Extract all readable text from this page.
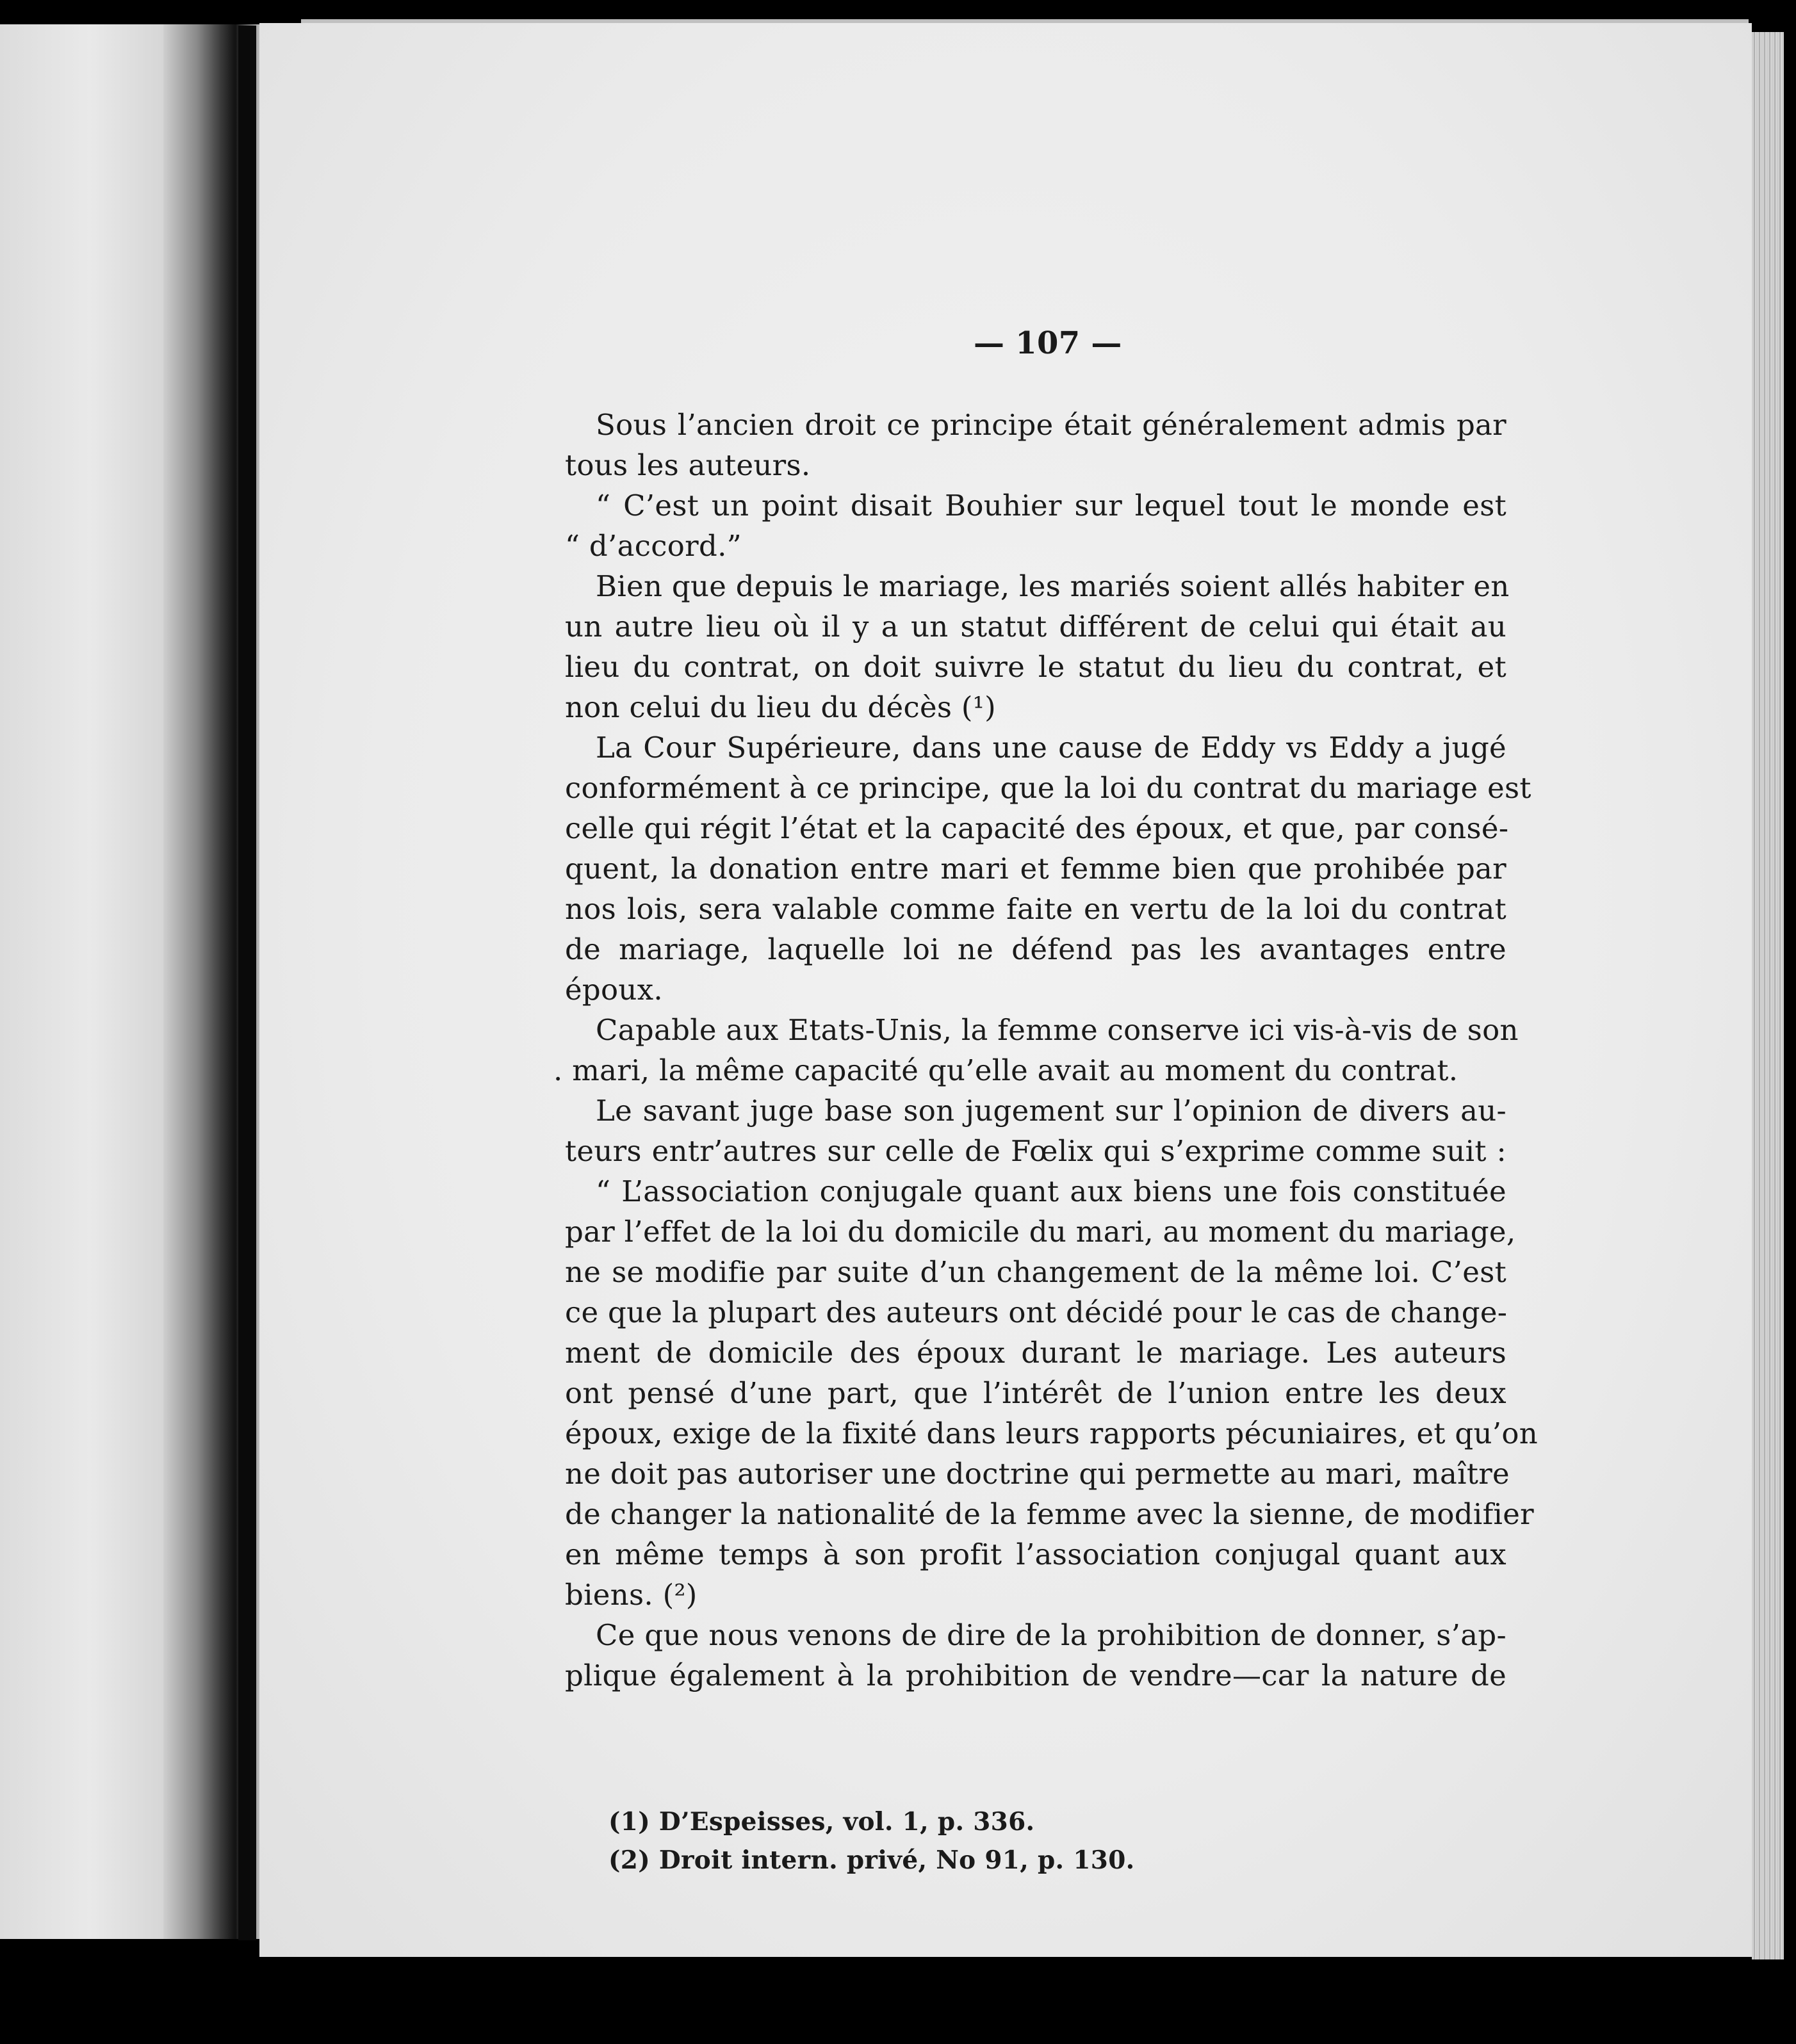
— 107 —
Sous l’ancien droit ce principe était généralement admis par
tous les auteurs.
“ C’est un point disait Bouhier sur lequel tout le monde est
“ d’accord.”
Bien que depuis le mariage, les mariés soient allés habiter en
un autre lieu où il y a un statut différent de celui qui était au
lieu du contrat, on doit suivre le statut du lieu du contrat, et
non celui du lieu du décès (¹)
La Cour Supérieure, dans une cause de Eddy vs Eddy a jugé
conformément à ce principe, que la loi du contrat du mariage est
celle qui régit l’état et la capacité des époux, et que, par consé-
quent, la donation entre mari et femme bien que prohibée par
nos lois, sera valable comme faite en vertu de la loi du contrat
de mariage, laquelle loi ne défend pas les avantages entre
époux.
Capable aux Etats-Unis, la femme conserve ici vis-à-vis de son
. mari, la même capacité qu’elle avait au moment du contrat.
Le savant juge base son jugement sur l’opinion de divers au-
teurs entr’autres sur celle de Fœlix qui s’exprime comme suit :
“ L’association conjugale quant aux biens une fois constituée
par l’effet de la loi du domicile du mari, au moment du mariage,
ne se modifie par suite d’un changement de la même loi. C’est
ce que la plupart des auteurs ont décidé pour le cas de change-
ment de domicile des époux durant le mariage. Les auteurs
ont pensé d’une part, que l’intérêt de l’union entre les deux
époux, exige de la fixité dans leurs rapports pécuniaires, et qu’on
ne doit pas autoriser une doctrine qui permette au mari, maître
de changer la nationalité de la femme avec la sienne, de modifier
en même temps à son profit l’association conjugal quant aux
biens. (²)
Ce que nous venons de dire de la prohibition de donner, s’ap-
plique également à la prohibition de vendre—car la nature de
(1) D’Espeisses, vol. 1, p. 336.
(2) Droit intern. privé, No 91, p. 130.
